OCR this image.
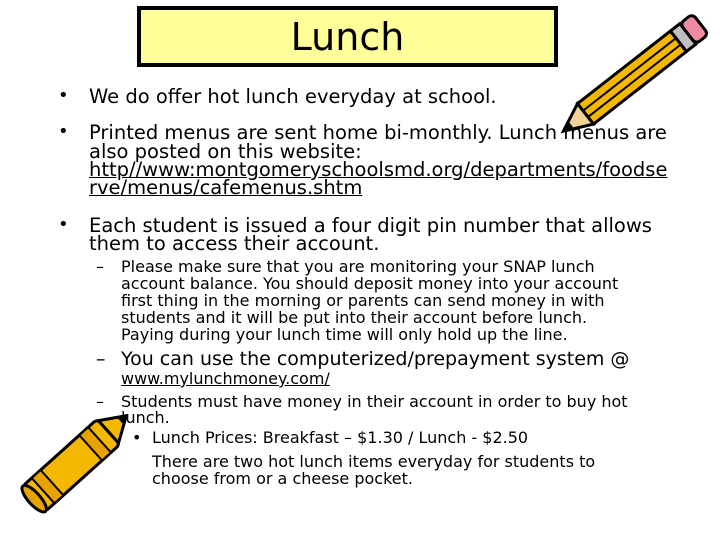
Lunch
• We do offer hot lunch everyday at school.
• Printed menus are sent home bi-monthly. Lunch menus are
also posted on this website:
http//www:montgomeryschoolsmd.org/departments/foodse
rve/menus/cafemenus.shtm
• Each student is issued a four digit pin number that allows
them to access their account.
– Please make sure that you are monitoring your SNAP lunch
account balance. You should deposit money into your account
first thing in the morning or parents can send money in with
students and it will be put into their account before lunch.
Paying during your lunch time will only hold up the line.
– You can use the computerized/prepayment system @
www.mylunchmoney.com/
– Students must have money in their account in order to buy hot
lunch.
• Lunch Prices: Breakfast – $1.30 / Lunch - $2.50
There are two hot lunch items everyday for students to
choose from or a cheese pocket.
